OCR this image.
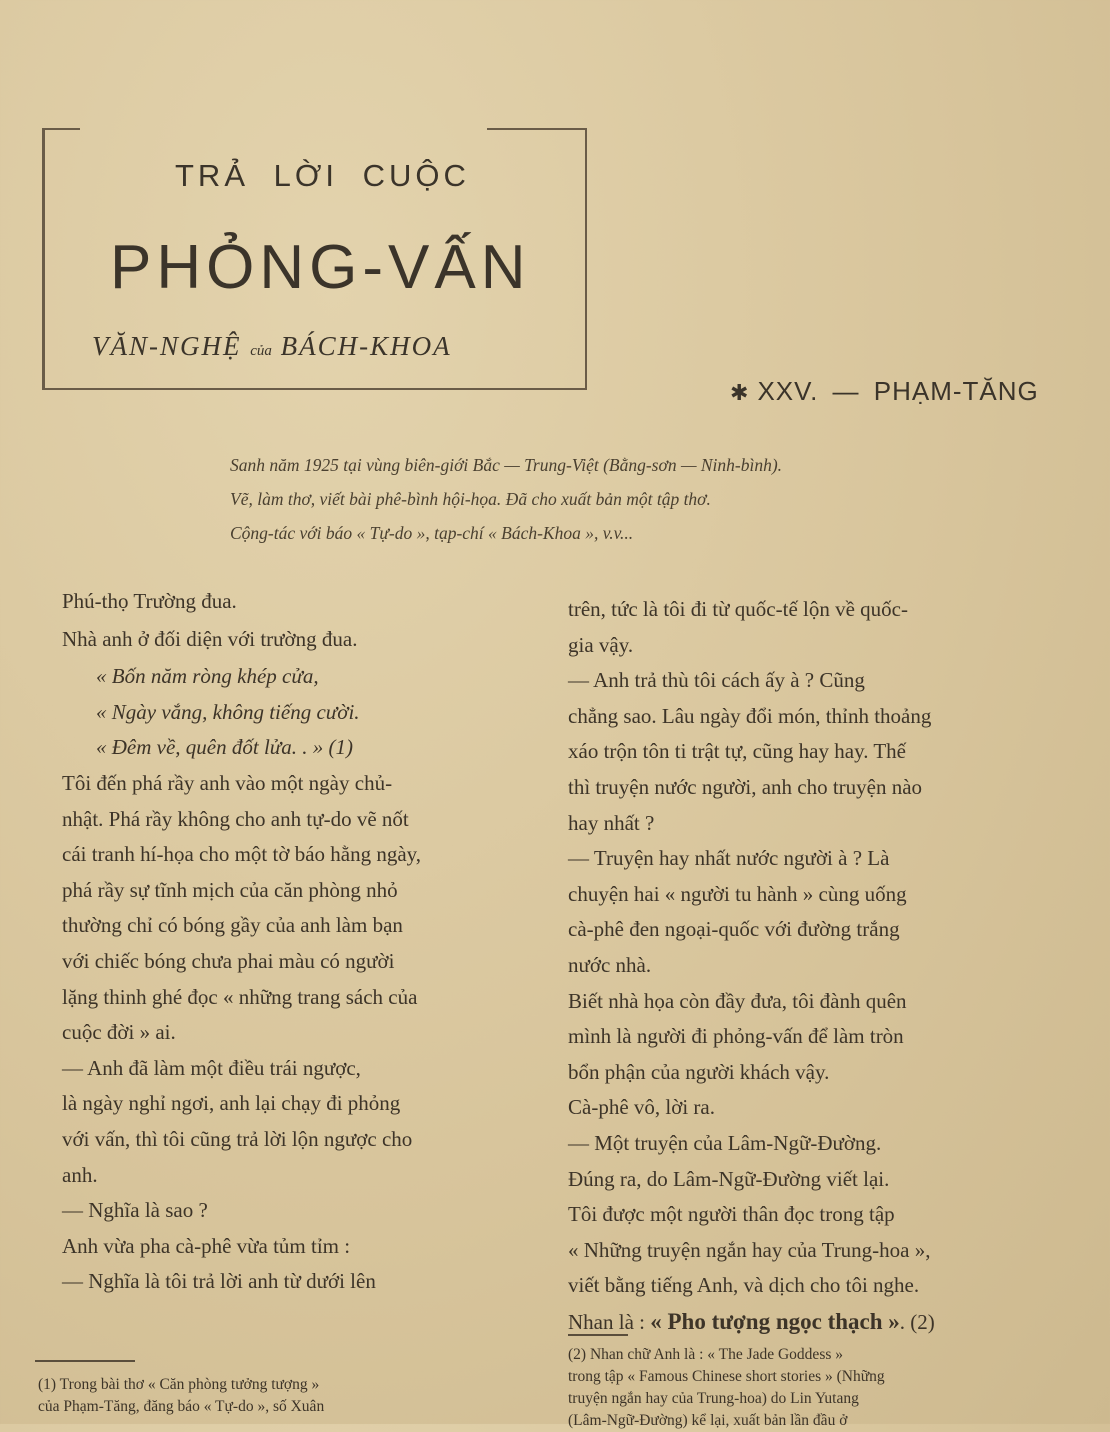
TRẢ LỜI CUỘC
PHỎNG-VẤN
VĂN-NGHỆ của BÁCH-KHOA
✱ XXV. — PHẠM-TĂNG
Sanh năm 1925 tại vùng biên-giới Bắc — Trung-Việt (Bằng-sơn — Ninh-bình).
Vẽ, làm thơ, viết bài phê-bình hội-họa. Đã cho xuất bản một tập thơ.
Cộng-tác với báo « Tự-do », tạp-chí « Bách-Khoa », v.v...

Phú-thọ Trường đua.

Nhà anh ở đối diện với trường đua.

« Bốn năm ròng khép cửa,

« Ngày vắng, không tiếng cười.

« Đêm về, quên đốt lửa. . » (1)

Tôi đến phá rầy anh vào một ngày chủ-

nhật. Phá rầy không cho anh tự-do vẽ nốt

cái tranh hí-họa cho một tờ báo hằng ngày,

phá rầy sự tĩnh mịch của căn phòng nhỏ

thường chỉ có bóng gầy của anh làm bạn

với chiếc bóng chưa phai màu có người

lặng thinh ghé đọc « những trang sách của

cuộc đời » ai.

— Anh đã làm một điều trái ngược,

là ngày nghỉ ngơi, anh lại chạy đi phỏng

với vấn, thì tôi cũng trả lời lộn ngược cho

anh.

— Nghĩa là sao ?

Anh vừa pha cà-phê vừa tủm tỉm :

— Nghĩa là tôi trả lời anh từ dưới lên

trên, tức là tôi đi từ quốc-tế lộn về quốc-

gia vậy.

— Anh trả thù tôi cách ấy à ? Cũng

chẳng sao. Lâu ngày đổi món, thỉnh thoảng

xáo trộn tôn ti trật tự, cũng hay hay. Thế

thì truyện nước người, anh cho truyện nào

hay nhất ?

— Truyện hay nhất nước người à ? Là

chuyện hai « người tu hành » cùng uống

cà-phê đen ngoại-quốc với đường trắng

nước nhà.

Biết nhà họa còn đầy đưa, tôi đành quên

mình là người đi phỏng-vấn để làm tròn

bổn phận của người khách vậy.

Cà-phê vô, lời ra.

— Một truyện của Lâm-Ngữ-Đường.

Đúng ra, do Lâm-Ngữ-Đường viết lại.

Tôi được một người thân đọc trong tập

« Những truyện ngắn hay của Trung-hoa »,

viết bằng tiếng Anh, và dịch cho tôi nghe.

Nhan là : « Pho tượng ngọc thạch ». (2)

(1) Trong bài thơ « Căn phòng tưởng tượng »
của Phạm-Tăng, đăng báo « Tự-do », số Xuân
(2) Nhan chữ Anh là : « The Jade Goddess »
trong tập « Famous Chinese short stories » (Những
truyện ngắn hay của Trung-hoa) do Lin Yutang
(Lâm-Ngữ-Đường) kể lại, xuất bản lần đầu ở
